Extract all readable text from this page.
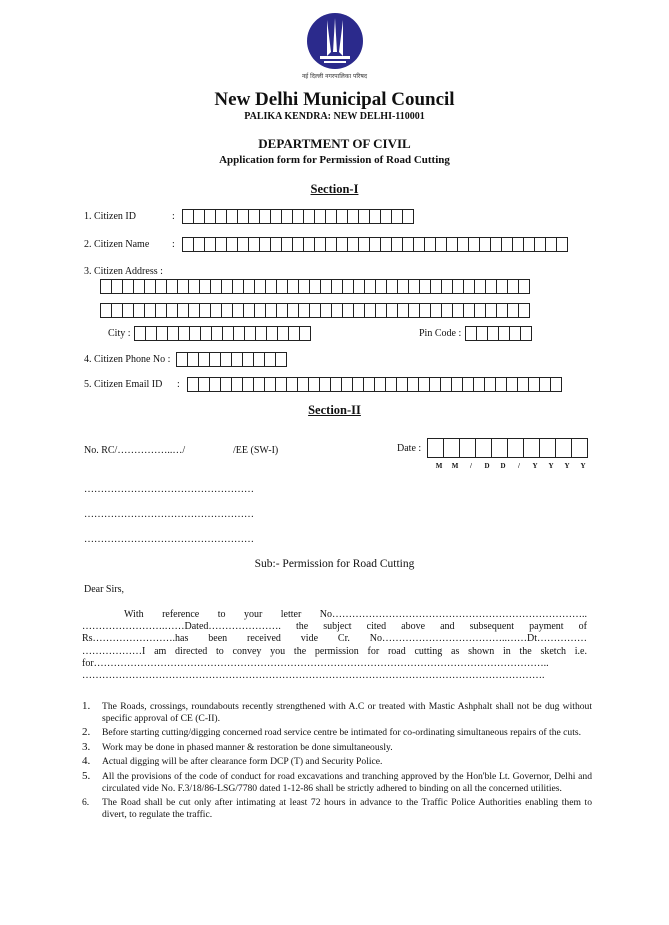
नई दिल्ली नगरपालिका परिषद
New Delhi Municipal Council
PALIKA KENDRA: NEW DELHI-110001
DEPARTMENT OF CIVIL
Application form for Permission of Road Cutting
Section-I
1. Citizen ID	:
2. Citizen Name	:
3. Citizen Address :
City :	Pin Code :
4. Citizen Phone No :
5. Citizen Email ID	:
Section-II
No. RC/……………..…/	/EE (SW-I)	Date :
M	M	/	D	D	/	Y	Y	Y	Y
……………………………………………
……………………………………………
……………………………………………
Sub:- Permission for Road Cutting
Dear Sirs,
With reference to your letter No…………………………………………………………………..
…………………….……Dated…………………. the subject cited above and subsequent payment of
Rs…………………….has been received vide Cr. No………………………………..……Dt……………
………………I am directed to convey you the permission for road cutting as shown in the sketch i.e.
for………………………………………………………………………………………………………………………..
………………………………………………………………………………………………………………………….
1.	The Roads, crossings, roundabouts recently strengthened with A.C or treated with Mastic Ashphalt shall not be dug without specific approval of CE (C-II).
2.	Before starting cutting/digging concerned road service centre be intimated for co-ordinating simultaneous repairs of the cuts.
3.	Work may be done in phased manner & restoration be done simultaneously.
4.	Actual digging will be after clearance form DCP (T) and Security Police.
5.	All the provisions of the code of conduct for road excavations and tranching approved by the Hon'ble Lt. Governor, Delhi and circulated vide No. F.3/18/86-LSG/7780 dated 1-12-86 shall be strictly adhered to binding on all the concerned utilities.
6.	The Road shall be cut only after intimating at least 72 hours in advance to the Traffic Police Authorities enabling them to divert, to regulate the traffic.
